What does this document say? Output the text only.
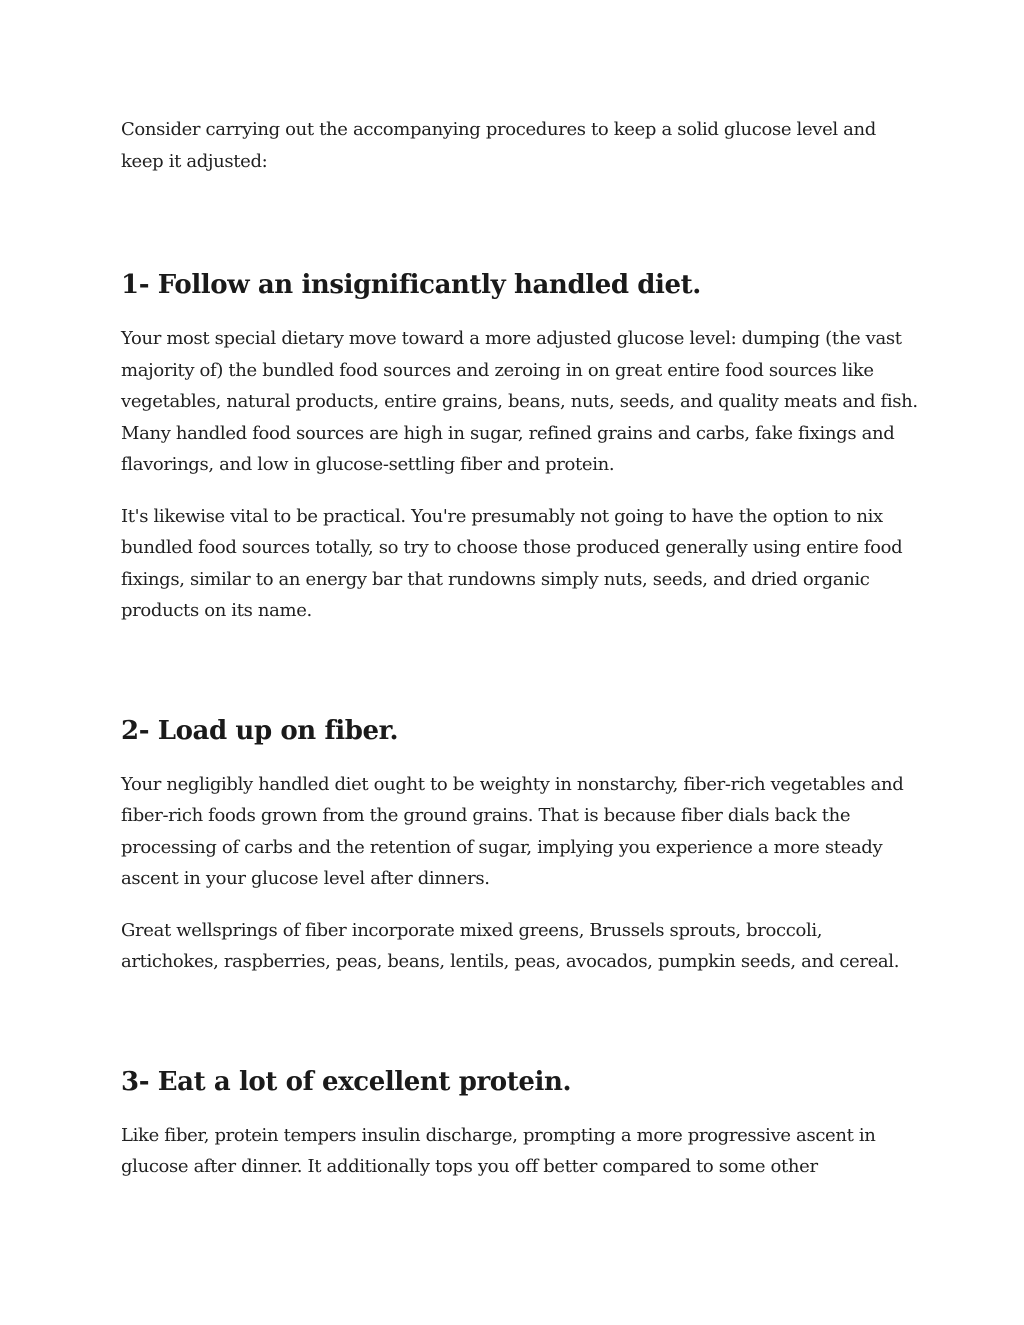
Consider carrying out the accompanying procedures to keep a solid glucose level and keep it adjusted:

1- Follow an insignificantly handled diet.

Your most special dietary move toward a more adjusted glucose level: dumping (the vast majority of) the bundled food sources and zeroing in on great entire food sources like vegetables, natural products, entire grains, beans, nuts, seeds, and quality meats and fish. Many handled food sources are high in sugar, refined grains and carbs, fake fixings and flavorings, and low in glucose-settling fiber and protein.

It's likewise vital to be practical. You're presumably not going to have the option to nix bundled food sources totally, so try to choose those produced generally using entire food fixings, similar to an energy bar that rundowns simply nuts, seeds, and dried organic products on its name.

2- Load up on fiber.

Your negligibly handled diet ought to be weighty in nonstarchy, fiber-rich vegetables and fiber-rich foods grown from the ground grains. That is because fiber dials back the processing of carbs and the retention of sugar, implying you experience a more steady ascent in your glucose level after dinners.

Great wellsprings of fiber incorporate mixed greens, Brussels sprouts, broccoli, artichokes, raspberries, peas, beans, lentils, peas, avocados, pumpkin seeds, and cereal.

3- Eat a lot of excellent protein.

Like fiber, protein tempers insulin discharge, prompting a more progressive ascent in glucose after dinner. It additionally tops you off better compared to some other
